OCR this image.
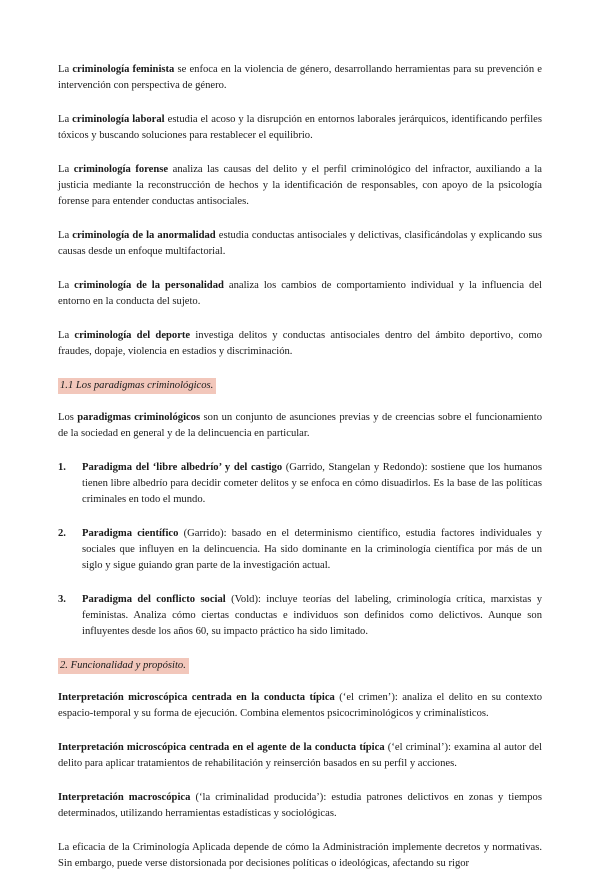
La criminología feminista se enfoca en la violencia de género, desarrollando herramientas para su prevención e intervención con perspectiva de género.

La criminología laboral estudia el acoso y la disrupción en entornos laborales jerárquicos, identificando perfiles tóxicos y buscando soluciones para restablecer el equilibrio.

La criminología forense analiza las causas del delito y el perfil criminológico del infractor, auxiliando a la justicia mediante la reconstrucción de hechos y la identificación de responsables, con apoyo de la psicología forense para entender conductas antisociales.

La criminología de la anormalidad estudia conductas antisociales y delictivas, clasificándolas y explicando sus causas desde un enfoque multifactorial.

La criminología de la personalidad analiza los cambios de comportamiento individual y la influencia del entorno en la conducta del sujeto.

La criminología del deporte investiga delitos y conductas antisociales dentro del ámbito deportivo, como fraudes, dopaje, violencia en estadios y discriminación.

1.1 Los paradigmas criminológicos.

Los paradigmas criminológicos son un conjunto de asunciones previas y de creencias sobre el funcionamiento de la sociedad en general y de la delincuencia en particular.

1. Paradigma del ‘libre albedrío’ y del castigo (Garrido, Stangelan y Redondo): sostiene que los humanos tienen libre albedrío para decidir cometer delitos y se enfoca en cómo disuadirlos. Es la base de las políticas criminales en todo el mundo.
2. Paradigma científico (Garrido): basado en el determinismo científico, estudia factores individuales y sociales que influyen en la delincuencia. Ha sido dominante en la criminología científica por más de un siglo y sigue guiando gran parte de la investigación actual.
3. Paradigma del conflicto social (Vold): incluye teorías del labeling, criminología crítica, marxistas y feministas. Analiza cómo ciertas conductas e individuos son definidos como delictivos. Aunque son influyentes desde los años 60, su impacto práctico ha sido limitado.
2. Funcionalidad y propósito.

Interpretación microscópica centrada en la conducta típica (‘el crimen’): analiza el delito en su contexto espacio-temporal y su forma de ejecución. Combina elementos psicocriminológicos y criminalísticos.

Interpretación microscópica centrada en el agente de la conducta típica (‘el criminal’): examina al autor del delito para aplicar tratamientos de rehabilitación y reinserción basados en su perfil y acciones.

Interpretación macroscópica (‘la criminalidad producida’): estudia patrones delictivos en zonas y tiempos determinados, utilizando herramientas estadísticas y sociológicas.

La eficacia de la Criminología Aplicada depende de cómo la Administración implemente decretos y normativas. Sin embargo, puede verse distorsionada por decisiones políticas o ideológicas, afectando su rigor
